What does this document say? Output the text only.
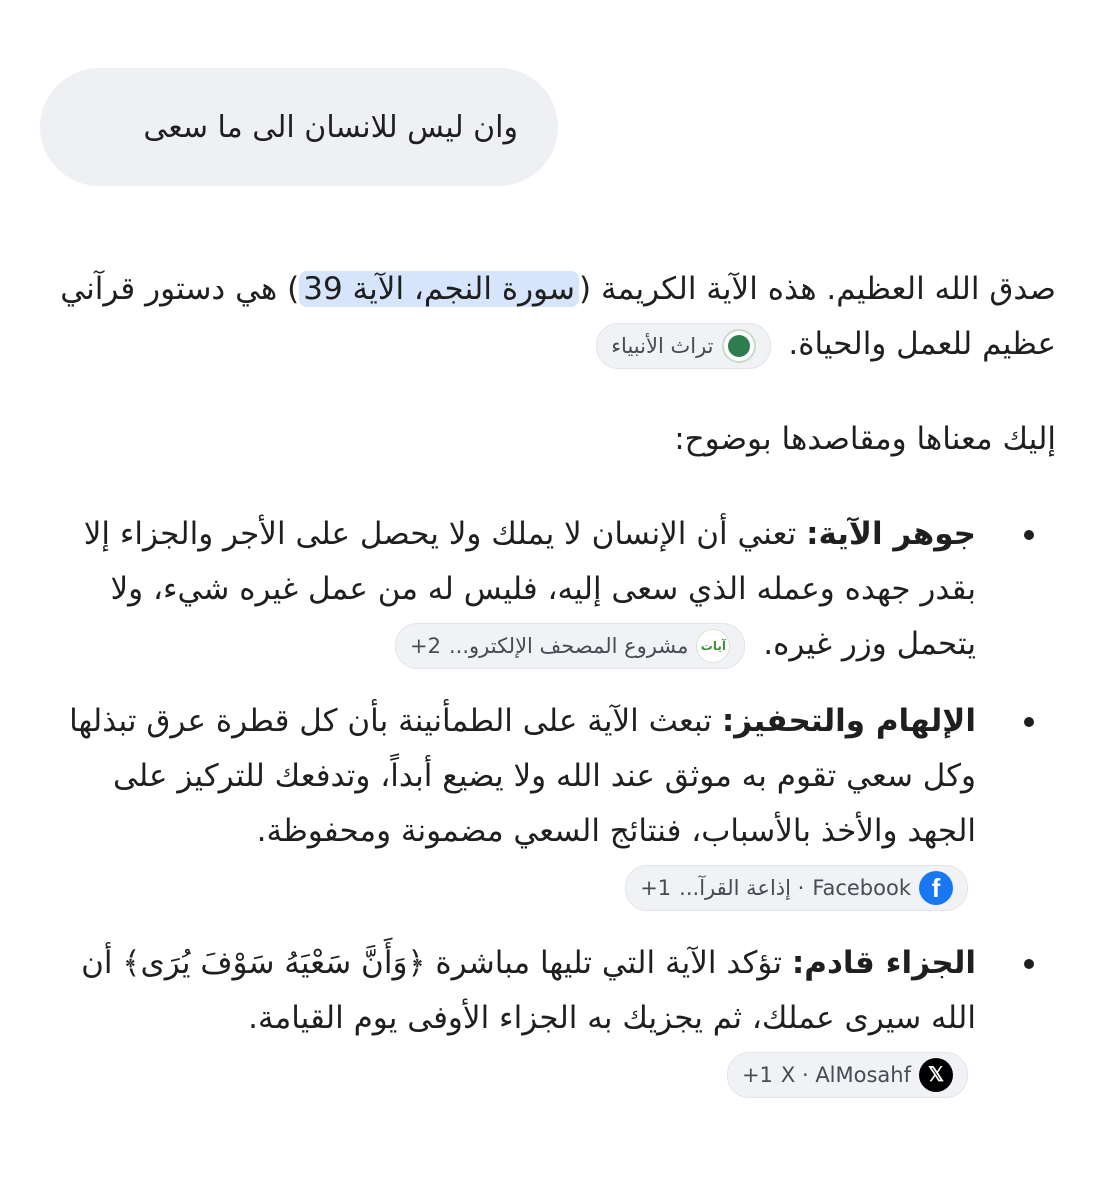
وان ليس للانسان الى ما سعى

صدق الله العظيم. هذه الآية الكريمة (سورة النجم، الآية 39) هي دستور قرآني عظيم للعمل والحياة.
تراث الأنبياء

إليك معناها ومقاصدها بوضوح:

جوهر الآية: تعني أن الإنسان لا يملك ولا يحصل على الأجر والجزاء إلا بقدر جهده وعمله الذي سعى إليه، فليس له من عمل غيره شيء، ولا يتحمل وزر غيره.
آيات
مشروع المصحف الإلكترو...
+2
الإلهام والتحفيز: تبعث الآية على الطمأنينة بأن كل قطرة عرق تبذلها وكل سعي تقوم به موثق عند الله ولا يضيع أبداً، وتدفعك للتركيز على الجهد والأخذ بالأسباب، فنتائج السعي مضمونة ومحفوظة.
f
Facebook
· إذاعة القرآ...
+1
الجزاء قادم: تؤكد الآية التي تليها مباشرة ﴿وَأَنَّ سَعْيَهُ سَوْفَ يُرَى﴾ أن الله سيرى عملك، ثم يجزيك به الجزاء الأوفى يوم القيامة.
𝕏
X · AlMosahf
+1
